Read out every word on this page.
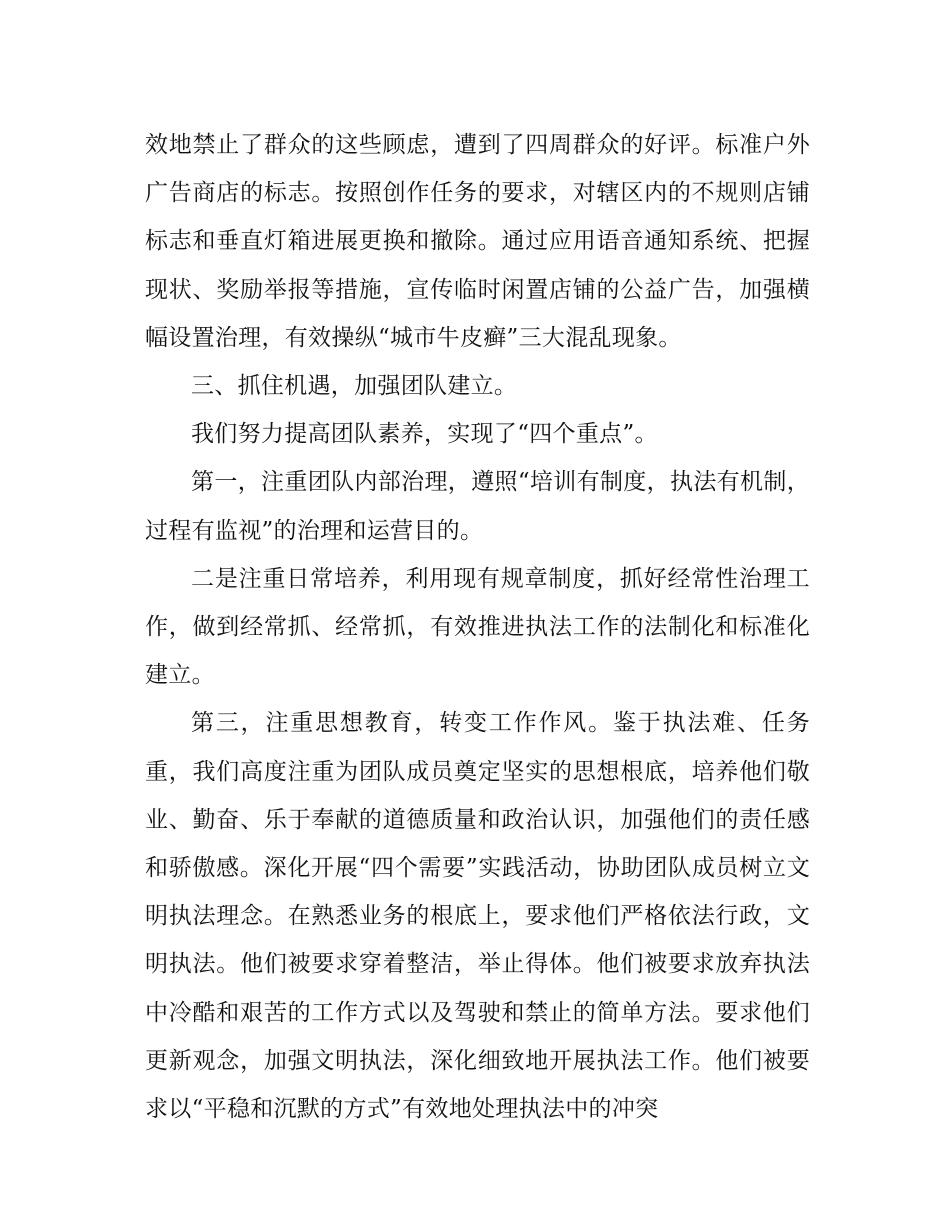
效地禁止了群众的这些顾虑，遭到了四周群众的好评。标准户外广告商店的标志。按照创作任务的要求，对辖区内的不规则店铺标志和垂直灯箱进展更换和撤除。通过应用语音通知系统、把握现状、奖励举报等措施，宣传临时闲置店铺的公益广告，加强横幅设置治理，有效操纵“城市牛皮癣”三大混乱现象。

三、抓住机遇，加强团队建立。

我们努力提高团队素养，实现了“四个重点”。

第一，注重团队内部治理，遵照“培训有制度，执法有机制，过程有监视”的治理和运营目的。

二是注重日常培养，利用现有规章制度，抓好经常性治理工作，做到经常抓、经常抓，有效推进执法工作的法制化和标准化建立。

第三，注重思想教育，转变工作作风。鉴于执法难、任务重，我们高度注重为团队成员奠定坚实的思想根底，培养他们敬业、勤奋、乐于奉献的道德质量和政治认识，加强他们的责任感和骄傲感。深化开展“四个需要”实践活动，协助团队成员树立文明执法理念。在熟悉业务的根底上，要求他们严格依法行政，文明执法。他们被要求穿着整洁，举止得体。他们被要求放弃执法中冷酷和艰苦的工作方式以及驾驶和禁止的简单方法。要求他们更新观念，加强文明执法，深化细致地开展执法工作。他们被要求以“平稳和沉默的方式”有效地处理执法中的冲突
